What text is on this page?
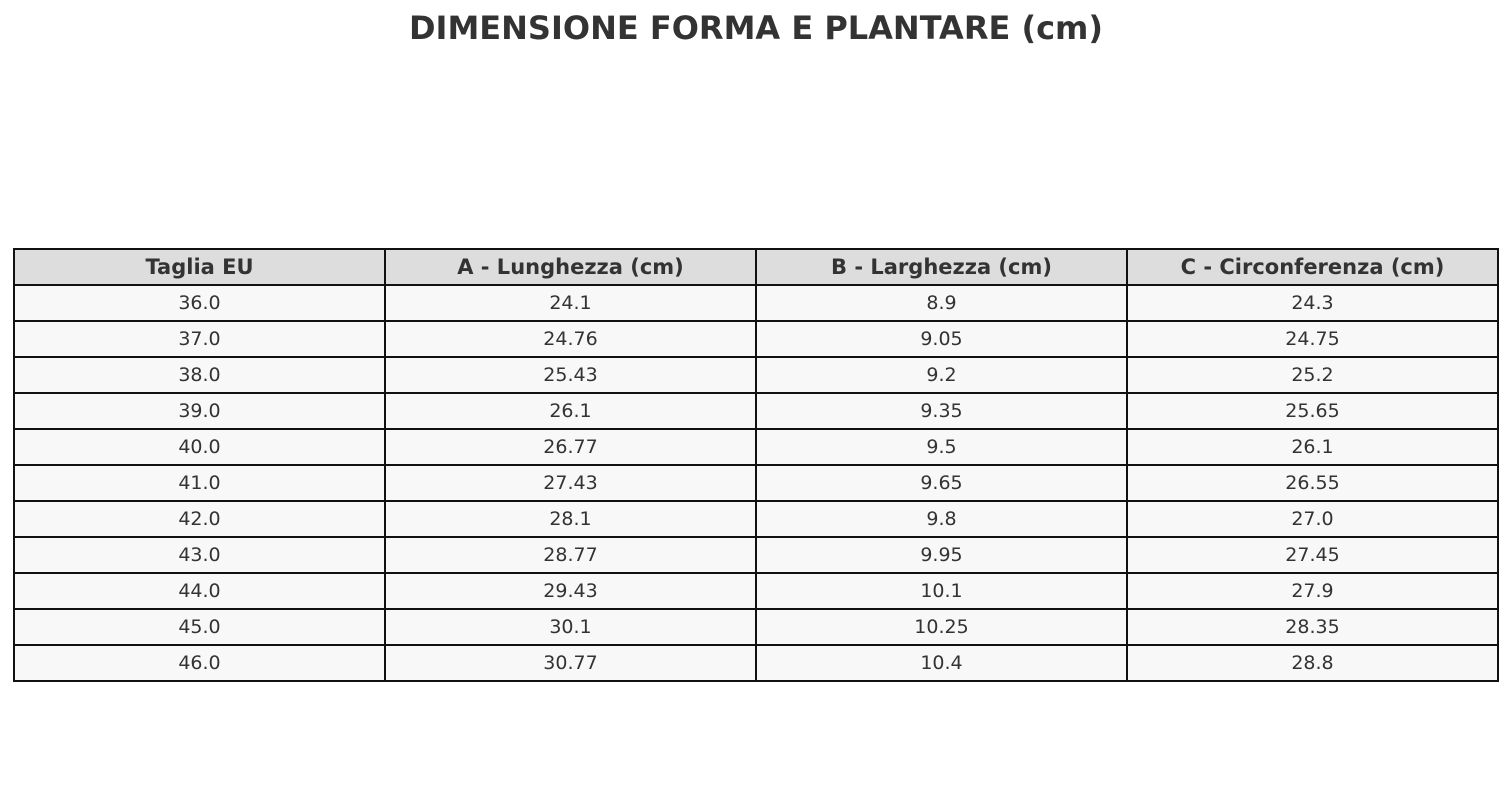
DIMENSIONE FORMA E PLANTARE (cm)
Taglia EU	A - Lunghezza (cm)	B - Larghezza (cm)	C - Circonferenza (cm)
36.0	24.1	8.9	24.3
37.0	24.76	9.05	24.75
38.0	25.43	9.2	25.2
39.0	26.1	9.35	25.65
40.0	26.77	9.5	26.1
41.0	27.43	9.65	26.55
42.0	28.1	9.8	27.0
43.0	28.77	9.95	27.45
44.0	29.43	10.1	27.9
45.0	30.1	10.25	28.35
46.0	30.77	10.4	28.8
